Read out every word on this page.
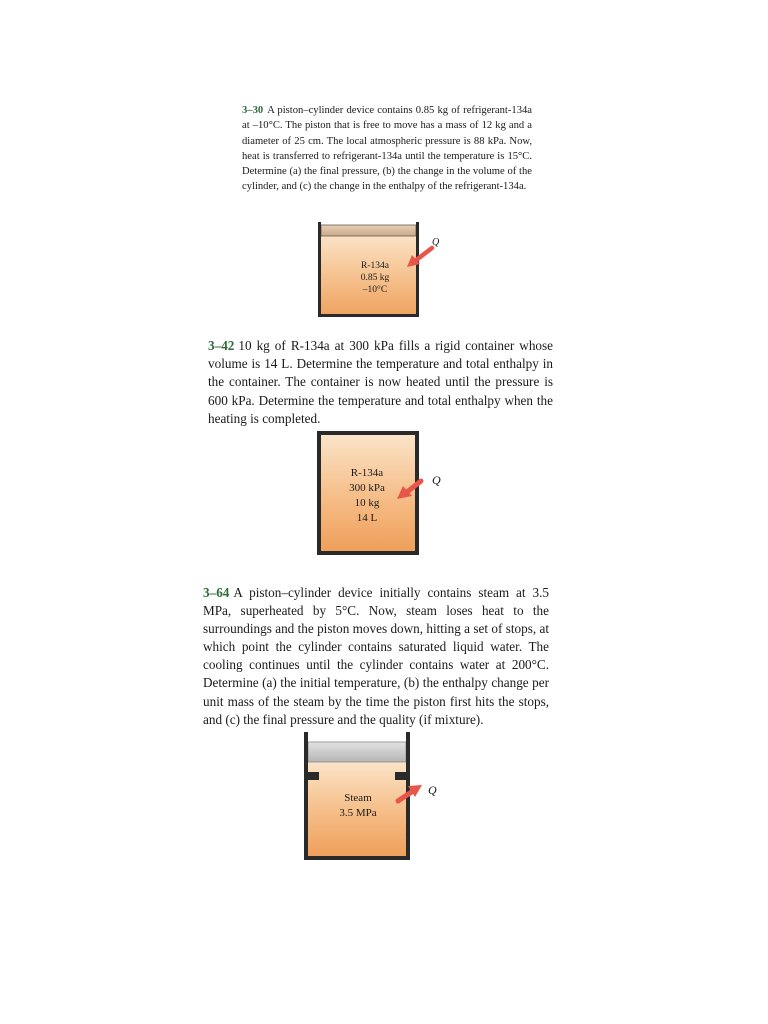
3–30 A piston–cylinder device contains 0.85 kg of refrigerant-134a at –10°C. The piston that is free to move has a mass of 12 kg and a diameter of 25 cm. The local atmospheric pressure is 88 kPa. Now, heat is transferred to refrigerant-134a until the temperature is 15°C. Determine (a) the final pressure, (b) the change in the volume of the cylinder, and (c) the change in the enthalpy of the refrigerant-134a.

R-134a
0.85 kg
–10°C
Q

3–42 10 kg of R-134a at 300 kPa fills a rigid container whose volume is 14 L. Determine the temperature and total enthalpy in the container. The container is now heated until the pressure is 600 kPa. Determine the temperature and total enthalpy when the heating is completed.

R-134a
300 kPa
10 kg
14 L
Q

3–64 A piston–cylinder device initially contains steam at 3.5 MPa, superheated by 5°C. Now, steam loses heat to the surroundings and the piston moves down, hitting a set of stops, at which point the cylinder contains saturated liquid water. The cooling continues until the cylinder contains water at 200°C. Determine (a) the initial temperature, (b) the enthalpy change per unit mass of the steam by the time the piston first hits the stops, and (c) the final pressure and the quality (if mixture).

Steam
3.5 MPa
Q
